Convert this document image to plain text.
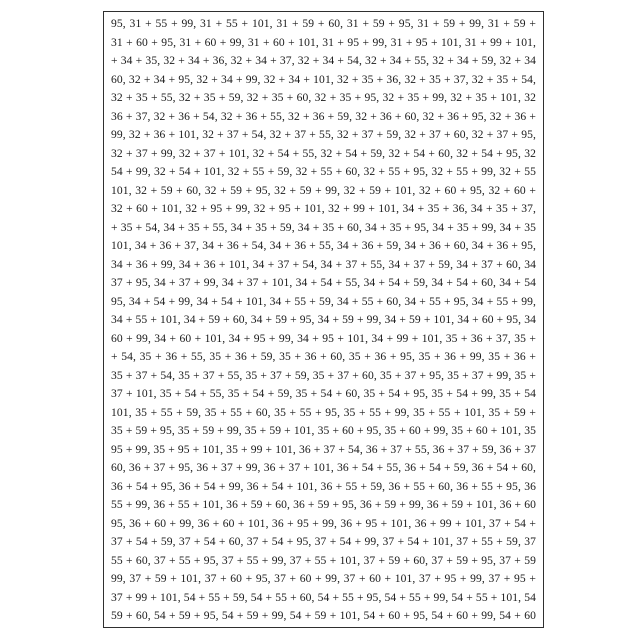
95, 31 + 55 + 99, 31 + 55 + 101, 31 + 59 + 60, 31 + 59 + 95, 31 + 59 + 99, 31 + 59 +
31 + 60 + 95, 31 + 60 + 99, 31 + 60 + 101, 31 + 95 + 99, 31 + 95 + 101, 31 + 99 + 101,
+ 34 + 35, 32 + 34 + 36, 32 + 34 + 37, 32 + 34 + 54, 32 + 34 + 55, 32 + 34 + 59, 32 + 34
60, 32 + 34 + 95, 32 + 34 + 99, 32 + 34 + 101, 32 + 35 + 36, 32 + 35 + 37, 32 + 35 + 54,
32 + 35 + 55, 32 + 35 + 59, 32 + 35 + 60, 32 + 35 + 95, 32 + 35 + 99, 32 + 35 + 101, 32
36 + 37, 32 + 36 + 54, 32 + 36 + 55, 32 + 36 + 59, 32 + 36 + 60, 32 + 36 + 95, 32 + 36 +
99, 32 + 36 + 101, 32 + 37 + 54, 32 + 37 + 55, 32 + 37 + 59, 32 + 37 + 60, 32 + 37 + 95,
32 + 37 + 99, 32 + 37 + 101, 32 + 54 + 55, 32 + 54 + 59, 32 + 54 + 60, 32 + 54 + 95, 32
54 + 99, 32 + 54 + 101, 32 + 55 + 59, 32 + 55 + 60, 32 + 55 + 95, 32 + 55 + 99, 32 + 55
101, 32 + 59 + 60, 32 + 59 + 95, 32 + 59 + 99, 32 + 59 + 101, 32 + 60 + 95, 32 + 60 +
32 + 60 + 101, 32 + 95 + 99, 32 + 95 + 101, 32 + 99 + 101, 34 + 35 + 36, 34 + 35 + 37,
+ 35 + 54, 34 + 35 + 55, 34 + 35 + 59, 34 + 35 + 60, 34 + 35 + 95, 34 + 35 + 99, 34 + 35
101, 34 + 36 + 37, 34 + 36 + 54, 34 + 36 + 55, 34 + 36 + 59, 34 + 36 + 60, 34 + 36 + 95,
34 + 36 + 99, 34 + 36 + 101, 34 + 37 + 54, 34 + 37 + 55, 34 + 37 + 59, 34 + 37 + 60, 34
37 + 95, 34 + 37 + 99, 34 + 37 + 101, 34 + 54 + 55, 34 + 54 + 59, 34 + 54 + 60, 34 + 54
95, 34 + 54 + 99, 34 + 54 + 101, 34 + 55 + 59, 34 + 55 + 60, 34 + 55 + 95, 34 + 55 + 99,
34 + 55 + 101, 34 + 59 + 60, 34 + 59 + 95, 34 + 59 + 99, 34 + 59 + 101, 34 + 60 + 95, 34
60 + 99, 34 + 60 + 101, 34 + 95 + 99, 34 + 95 + 101, 34 + 99 + 101, 35 + 36 + 37, 35 +
+ 54, 35 + 36 + 55, 35 + 36 + 59, 35 + 36 + 60, 35 + 36 + 95, 35 + 36 + 99, 35 + 36 +
35 + 37 + 54, 35 + 37 + 55, 35 + 37 + 59, 35 + 37 + 60, 35 + 37 + 95, 35 + 37 + 99, 35 +
37 + 101, 35 + 54 + 55, 35 + 54 + 59, 35 + 54 + 60, 35 + 54 + 95, 35 + 54 + 99, 35 + 54
101, 35 + 55 + 59, 35 + 55 + 60, 35 + 55 + 95, 35 + 55 + 99, 35 + 55 + 101, 35 + 59 +
35 + 59 + 95, 35 + 59 + 99, 35 + 59 + 101, 35 + 60 + 95, 35 + 60 + 99, 35 + 60 + 101, 35
95 + 99, 35 + 95 + 101, 35 + 99 + 101, 36 + 37 + 54, 36 + 37 + 55, 36 + 37 + 59, 36 + 37
60, 36 + 37 + 95, 36 + 37 + 99, 36 + 37 + 101, 36 + 54 + 55, 36 + 54 + 59, 36 + 54 + 60,
36 + 54 + 95, 36 + 54 + 99, 36 + 54 + 101, 36 + 55 + 59, 36 + 55 + 60, 36 + 55 + 95, 36
55 + 99, 36 + 55 + 101, 36 + 59 + 60, 36 + 59 + 95, 36 + 59 + 99, 36 + 59 + 101, 36 + 60
95, 36 + 60 + 99, 36 + 60 + 101, 36 + 95 + 99, 36 + 95 + 101, 36 + 99 + 101, 37 + 54 +
37 + 54 + 59, 37 + 54 + 60, 37 + 54 + 95, 37 + 54 + 99, 37 + 54 + 101, 37 + 55 + 59, 37
55 + 60, 37 + 55 + 95, 37 + 55 + 99, 37 + 55 + 101, 37 + 59 + 60, 37 + 59 + 95, 37 + 59
99, 37 + 59 + 101, 37 + 60 + 95, 37 + 60 + 99, 37 + 60 + 101, 37 + 95 + 99, 37 + 95 +
37 + 99 + 101, 54 + 55 + 59, 54 + 55 + 60, 54 + 55 + 95, 54 + 55 + 99, 54 + 55 + 101, 54
59 + 60, 54 + 59 + 95, 54 + 59 + 99, 54 + 59 + 101, 54 + 60 + 95, 54 + 60 + 99, 54 + 60
